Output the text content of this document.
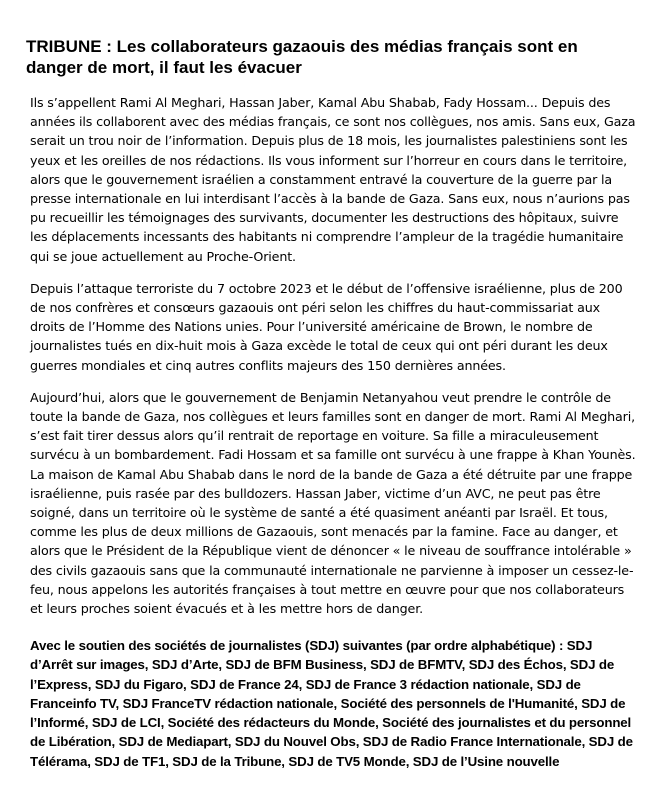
TRIBUNE : Les collaborateurs gazaouis des médias français sont en danger de mort, il faut les évacuer

Ils s’appellent Rami Al Meghari, Hassan Jaber, Kamal Abu Shabab, Fady Hossam... Depuis des années ils collaborent avec des médias français, ce sont nos collègues, nos amis. Sans eux, Gaza serait un trou noir de l’information. Depuis plus de 18 mois, les journalistes palestiniens sont les yeux et les oreilles de nos rédactions. Ils vous informent sur l’horreur en cours dans le territoire, alors que le gouvernement israélien a constamment entravé la couverture de la guerre par la presse internationale en lui interdisant l’accès à la bande de Gaza. Sans eux, nous n’aurions pas pu recueillir les témoignages des survivants, documenter les destructions des hôpitaux, suivre les déplacements incessants des habitants ni comprendre l’ampleur de la tragédie humanitaire qui se joue actuellement au Proche-Orient.

Depuis l’attaque terroriste du 7 octobre 2023 et le début de l’offensive israélienne, plus de 200 de nos confrères et consœurs gazaouis ont péri selon les chiffres du haut-commissariat aux droits de l’Homme des Nations unies. Pour l’université américaine de Brown, le nombre de journalistes tués en dix-huit mois à Gaza excède le total de ceux qui ont péri durant les deux guerres mondiales et cinq autres conflits majeurs des 150 dernières années.

Aujourd’hui, alors que le gouvernement de Benjamin Netanyahou veut prendre le contrôle de toute la bande de Gaza, nos collègues et leurs familles sont en danger de mort. Rami Al Meghari, s’est fait tirer dessus alors qu’il rentrait de reportage en voiture. Sa fille a miraculeusement survécu à un bombardement. Fadi Hossam et sa famille ont survécu à une frappe à Khan Younès. La maison de Kamal Abu Shabab dans le nord de la bande de Gaza a été détruite par une frappe israélienne, puis rasée par des bulldozers. Hassan Jaber, victime d’un AVC, ne peut pas être soigné, dans un territoire où le système de santé a été quasiment anéanti par Israël. Et tous, comme les plus de deux millions de Gazaouis, sont menacés par la famine. Face au danger, et alors que le Président de la République vient de dénoncer « le niveau de souffrance intolérable » des civils gazaouis sans que la communauté internationale ne parvienne à imposer un cessez-le-feu, nous appelons les autorités françaises à tout mettre en œuvre pour que nos collaborateurs et leurs proches soient évacués et à les mettre hors de danger.

Avec le soutien des sociétés de journalistes (SDJ) suivantes (par ordre alphabétique) : SDJ d’Arrêt sur images, SDJ d’Arte, SDJ de BFM Business, SDJ de BFMTV, SDJ des Échos, SDJ de l’Express, SDJ du Figaro, SDJ de France 24, SDJ de France 3 rédaction nationale, SDJ de Franceinfo TV, SDJ FranceTV rédaction nationale, Société des personnels de l'Humanité, SDJ de l’Informé, SDJ de LCI, Société des rédacteurs du Monde, Société des journalistes et du personnel de Libération, SDJ de Mediapart, SDJ du Nouvel Obs, SDJ de Radio France Internationale, SDJ de Télérama, SDJ de TF1, SDJ de la Tribune, SDJ de TV5 Monde, SDJ de l’Usine nouvelle
